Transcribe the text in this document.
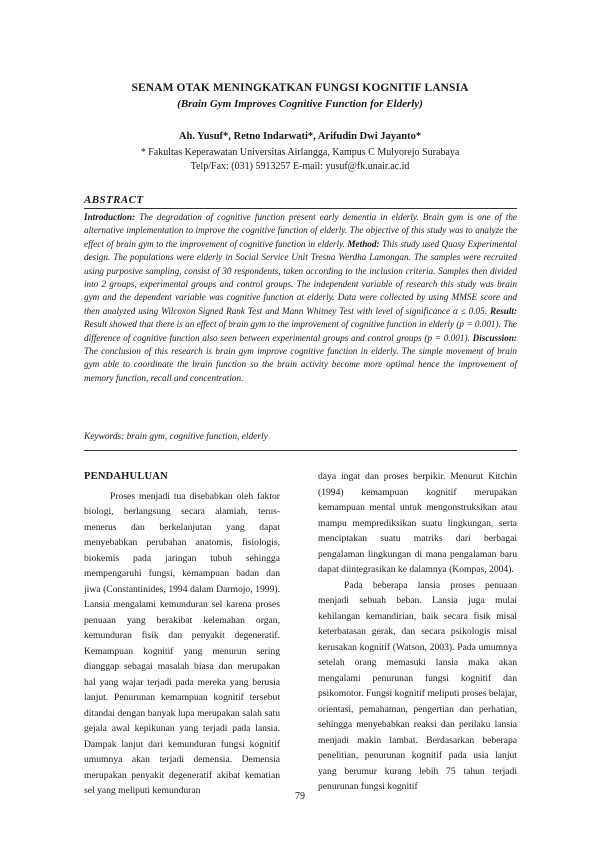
SENAM OTAK MENINGKATKAN FUNGSI KOGNITIF LANSIA
(Brain Gym Improves Cognitive Function for Elderly)
Ah. Yusuf*, Retno Indarwati*, Arifudin Dwi Jayanto*
* Fakultas Keperawatan Universitas Airlangga, Kampus C Mulyorejo Surabaya
Telp/Fax: (031) 5913257 E-mail: yusuf@fk.unair.ac.id
ABSTRACT
Introduction: The degradation of cognitive function present early dementia in elderly. Brain gym is one of the alternative implementation to improve the cognitive function of elderly. The objective of this study was to analyze the effect of brain gym to the improvement of cognitive function in elderly. Method: This study used Quasy Experimental design. The populations were elderly in Social Service Unit Tresna Werdha Lamongan. The samples were recruited using purposive sampling, consist of 30 respondents, taken according to the inclusion criteria. Samples then divided into 2 groups, experimental groups and control groups. The independent variable of research this study was brain gym and the dependent variable was cognitive function at elderly. Data were collected by using MMSE score and then analyzed using Wilcoxon Signed Rank Test and Mann Whitney Test with level of significance α ≤ 0.05. Result: Result showed that there is an effect of brain gym to the improvement of cognitive function in elderly (p = 0.001). The difference of cognitive function also seen between experimental groups and control groups (p = 0.001). Discussion: The conclusion of this research is brain gym improve cognitive function in elderly. The simple movement of brain gym able to coordinate the brain function so the brain activity become more optimal hence the improvement of memory function, recall and concentration.
Keywords: brain gym, cognitive function, elderly
PENDAHULUAN

Proses menjadi tua disebabkan oleh faktor biologi, berlangsung secara alamiah, terus-menerus dan berkelanjutan yang dapat menyebabkan perubahan anatomis, fisiologis, biokemis pada jaringan tubuh sehingga mempengaruhi fungsi, kemampuan badan dan jiwa (Constantinides, 1994 dalam Darmojo, 1999). Lansia mengalami kemunduran sel karena proses penuaan yang berakibat kelemahan organ, kemunduran fisik dan penyakit degeneratif. Kemampuan kognitif yang menurun sering dianggap sebagai masalah biasa dan merupakan hal yang wajar terjadi pada mereka yang berusia lanjut. Penurunan kemampuan kognitif tersebut ditandai dengan banyak lupa merupakan salah satu gejala awal kepikunan yang terjadi pada lansia. Dampak lanjut dari kemunduran fungsi kognitif umumnya akan terjadi demensia. Demensia merupakan penyakit degeneratif akibat kematian sel yang meliputi kemunduran

daya ingat dan proses berpikir. Menurut Kitchin (1994) kemampuan kognitif merupakan kemampuan mental untuk mengonstruksikan atau mampu memprediksikan suatu lingkungan, serta menciptakan suatu matriks dari berbagai pengalaman lingkungan di mana pengalaman baru dapat diintegrasikan ke dalamnya (Kompas, 2004).

Pada beberapa lansia proses penuaan menjadi sebuah beban. Lansia juga mulai kehilangan kemandirian, baik secara fisik misal keterbatasan gerak, dan secara psikologis misal kerusakan kognitif (Watson, 2003). Pada umumnya setelah orang memasuki lansia maka akan mengalami penurunan fungsi kognitif dan psikomotor. Fungsi kognitif meliputi proses belajar, orientasi, pemahaman, pengertian dan perhatian, sehingga menyebabkan reaksi dan perilaku lansia menjadi makin lambat. Berdasarkan beberapa penelitian, penurunan kognitif pada usia lanjut yang berumur kurang lebih 75 tahun terjadi penurunan fungsi kognitif

79
